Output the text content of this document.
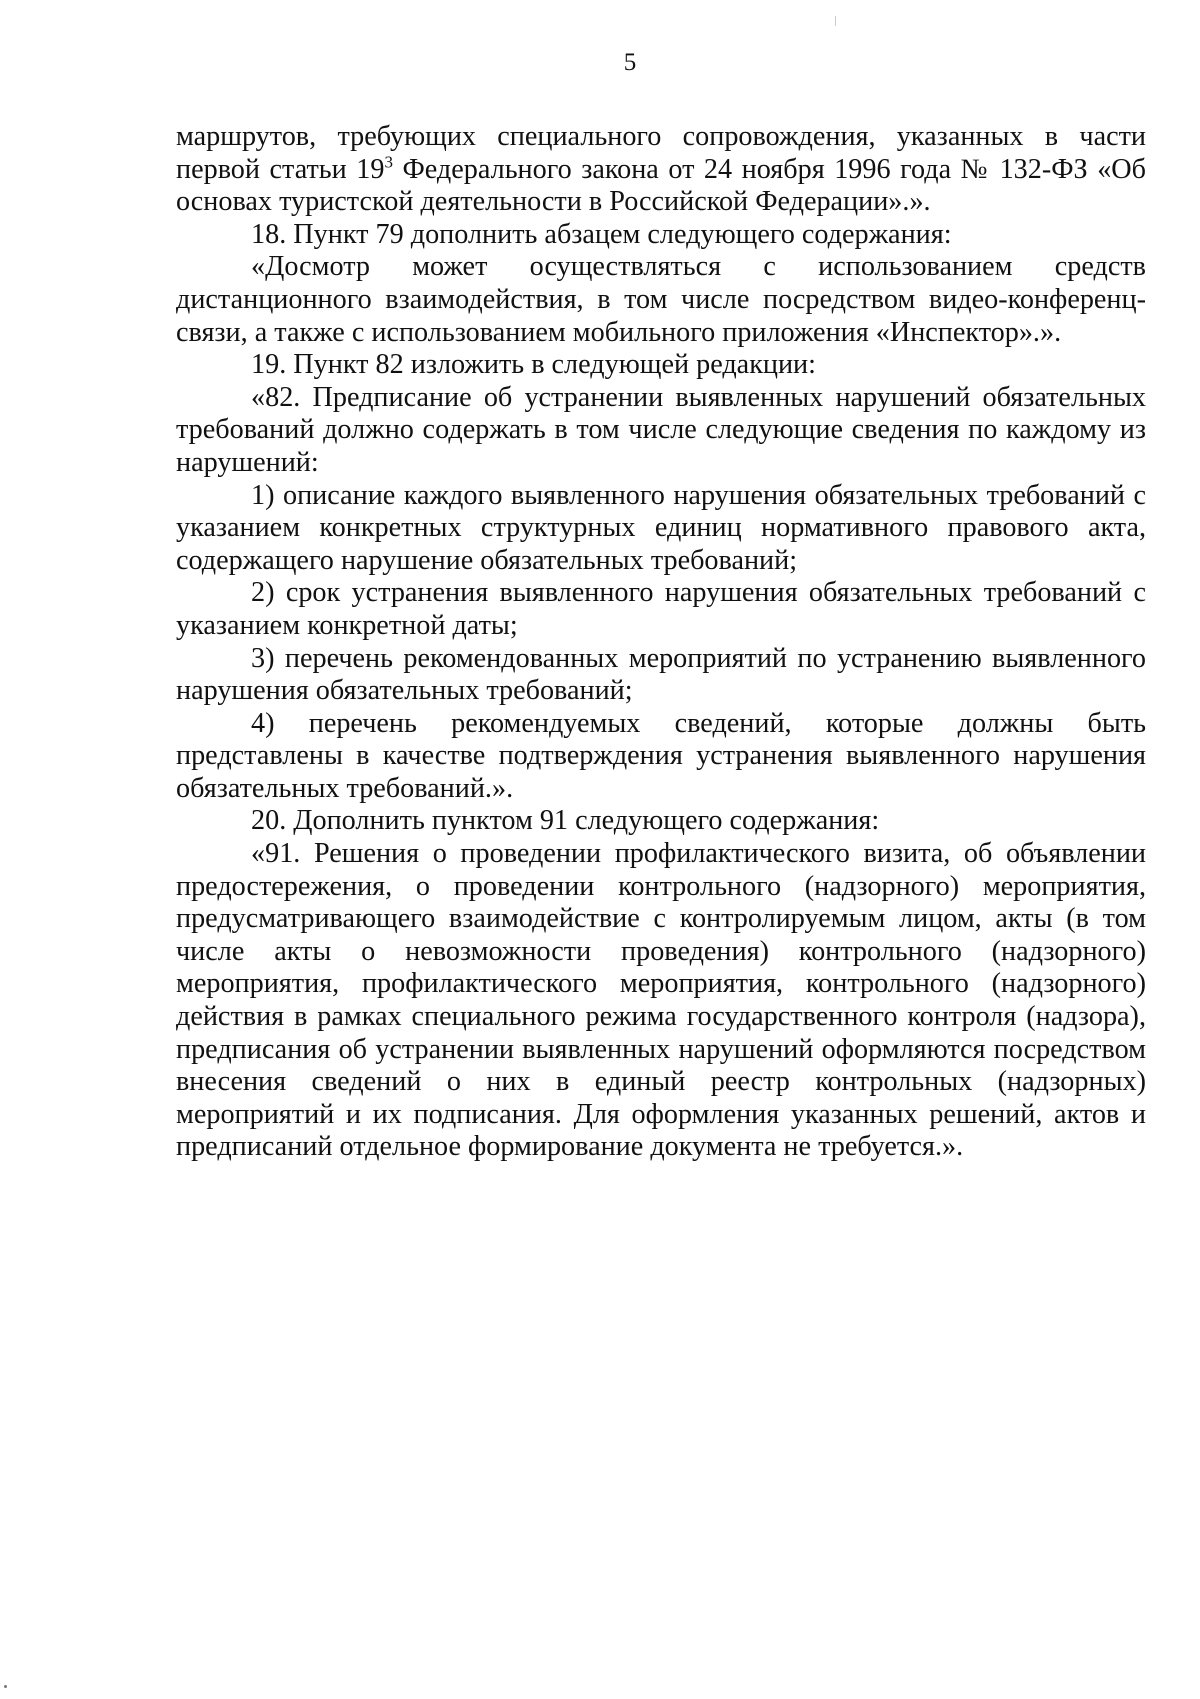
5

маршрутов, требующих специального сопровождения, указанных в части первой статьи $19^3$ Федерального закона от 24 ноября 1996 года № 132-ФЗ «Об основах туристской деятельности в Российской Федерации».».

18. Пункт 79 дополнить абзацем следующего содержания:

«Досмотр может осуществляться с использованием средств дистанционного взаимодействия, в том числе посредством видео-конференц-связи, а также с использованием мобильного приложения «Инспектор».».

19. Пункт 82 изложить в следующей редакции:

«82. Предписание об устранении выявленных нарушений обязательных требований должно содержать в том числе следующие сведения по каждому из нарушений:

1) описание каждого выявленного нарушения обязательных требований с указанием конкретных структурных единиц нормативного правового акта, содержащего нарушение обязательных требований;

2) срок устранения выявленного нарушения обязательных требований с указанием конкретной даты;

3) перечень рекомендованных мероприятий по устранению выявленного нарушения обязательных требований;

4) перечень рекомендуемых сведений, которые должны быть представлены в качестве подтверждения устранения выявленного нарушения обязательных требований.».

20. Дополнить пунктом 91 следующего содержания:

«91. Решения о проведении профилактического визита, об объявлении предостережения, о проведении контрольного (надзорного) мероприятия, предусматривающего взаимодействие с контролируемым лицом, акты (в том числе акты о невозможности проведения) контрольного (надзорного) мероприятия, профилактического мероприятия, контрольного (надзорного) действия в рамках специального режима государственного контроля (надзора), предписания об устранении выявленных нарушений оформляются посредством внесения сведений о них в единый реестр контрольных (надзорных) мероприятий и их подписания. Для оформления указанных решений, актов и предписаний отдельное формирование документа не требуется.».
